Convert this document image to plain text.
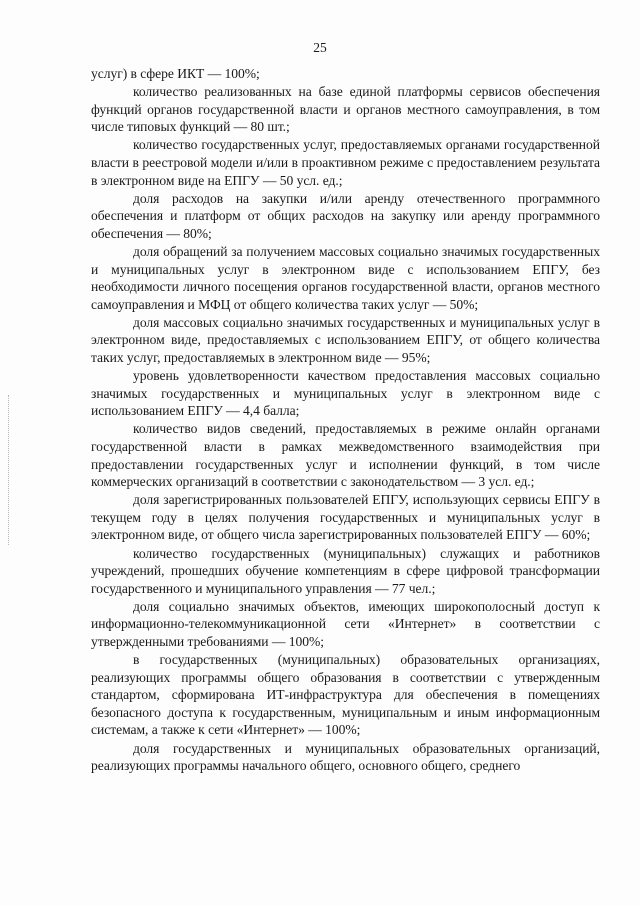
25

услуг) в сфере ИКТ — 100%;

количество реализованных на базе единой платформы сервисов обеспечения функций органов государственной власти и органов местного самоуправления, в том числе типовых функций — 80 шт.;

количество государственных услуг, предоставляемых органами государственной власти в реестровой модели и/или в проактивном режиме с предоставлением результата в электронном виде на ЕПГУ — 50 усл. ед.;

доля расходов на закупки и/или аренду отечественного программного обеспечения и платформ от общих расходов на закупку или аренду программного обеспечения — 80%;

доля обращений за получением массовых социально значимых государственных и муниципальных услуг в электронном виде с использованием ЕПГУ, без необходимости личного посещения органов государственной власти, органов местного самоуправления и МФЦ от общего количества таких услуг — 50%;

доля массовых социально значимых государственных и муниципальных услуг в электронном виде, предоставляемых с использованием ЕПГУ, от общего количества таких услуг, предоставляемых в электронном виде — 95%;

уровень удовлетворенности качеством предоставления массовых социально значимых государственных и муниципальных услуг в электронном виде с использованием ЕПГУ — 4,4 балла;

количество видов сведений, предоставляемых в режиме онлайн органами государственной власти в рамках межведомственного взаимодействия при предоставлении государственных услуг и исполнении функций, в том числе коммерческих организаций в соответствии с законодательством — 3 усл. ед.;

доля зарегистрированных пользователей ЕПГУ, использующих сервисы ЕПГУ в текущем году в целях получения государственных и муниципальных услуг в электронном виде, от общего числа зарегистрированных пользователей ЕПГУ — 60%;

количество государственных (муниципальных) служащих и работников учреждений, прошедших обучение компетенциям в сфере цифровой трансформации государственного и муниципального управления — 77 чел.;

доля социально значимых объектов, имеющих широкополосный доступ к информационно-телекоммуникационной сети «Интернет» в соответствии с утвержденными требованиями — 100%;

в государственных (муниципальных) образовательных организациях, реализующих программы общего образования в соответствии с утвержденным стандартом, сформирована ИТ-инфраструктура для обеспечения в помещениях безопасного доступа к государственным, муниципальным и иным информационным системам, а также к сети «Интернет» — 100%;

доля государственных и муниципальных образовательных организаций, реализующих программы начального общего, основного общего, среднего
